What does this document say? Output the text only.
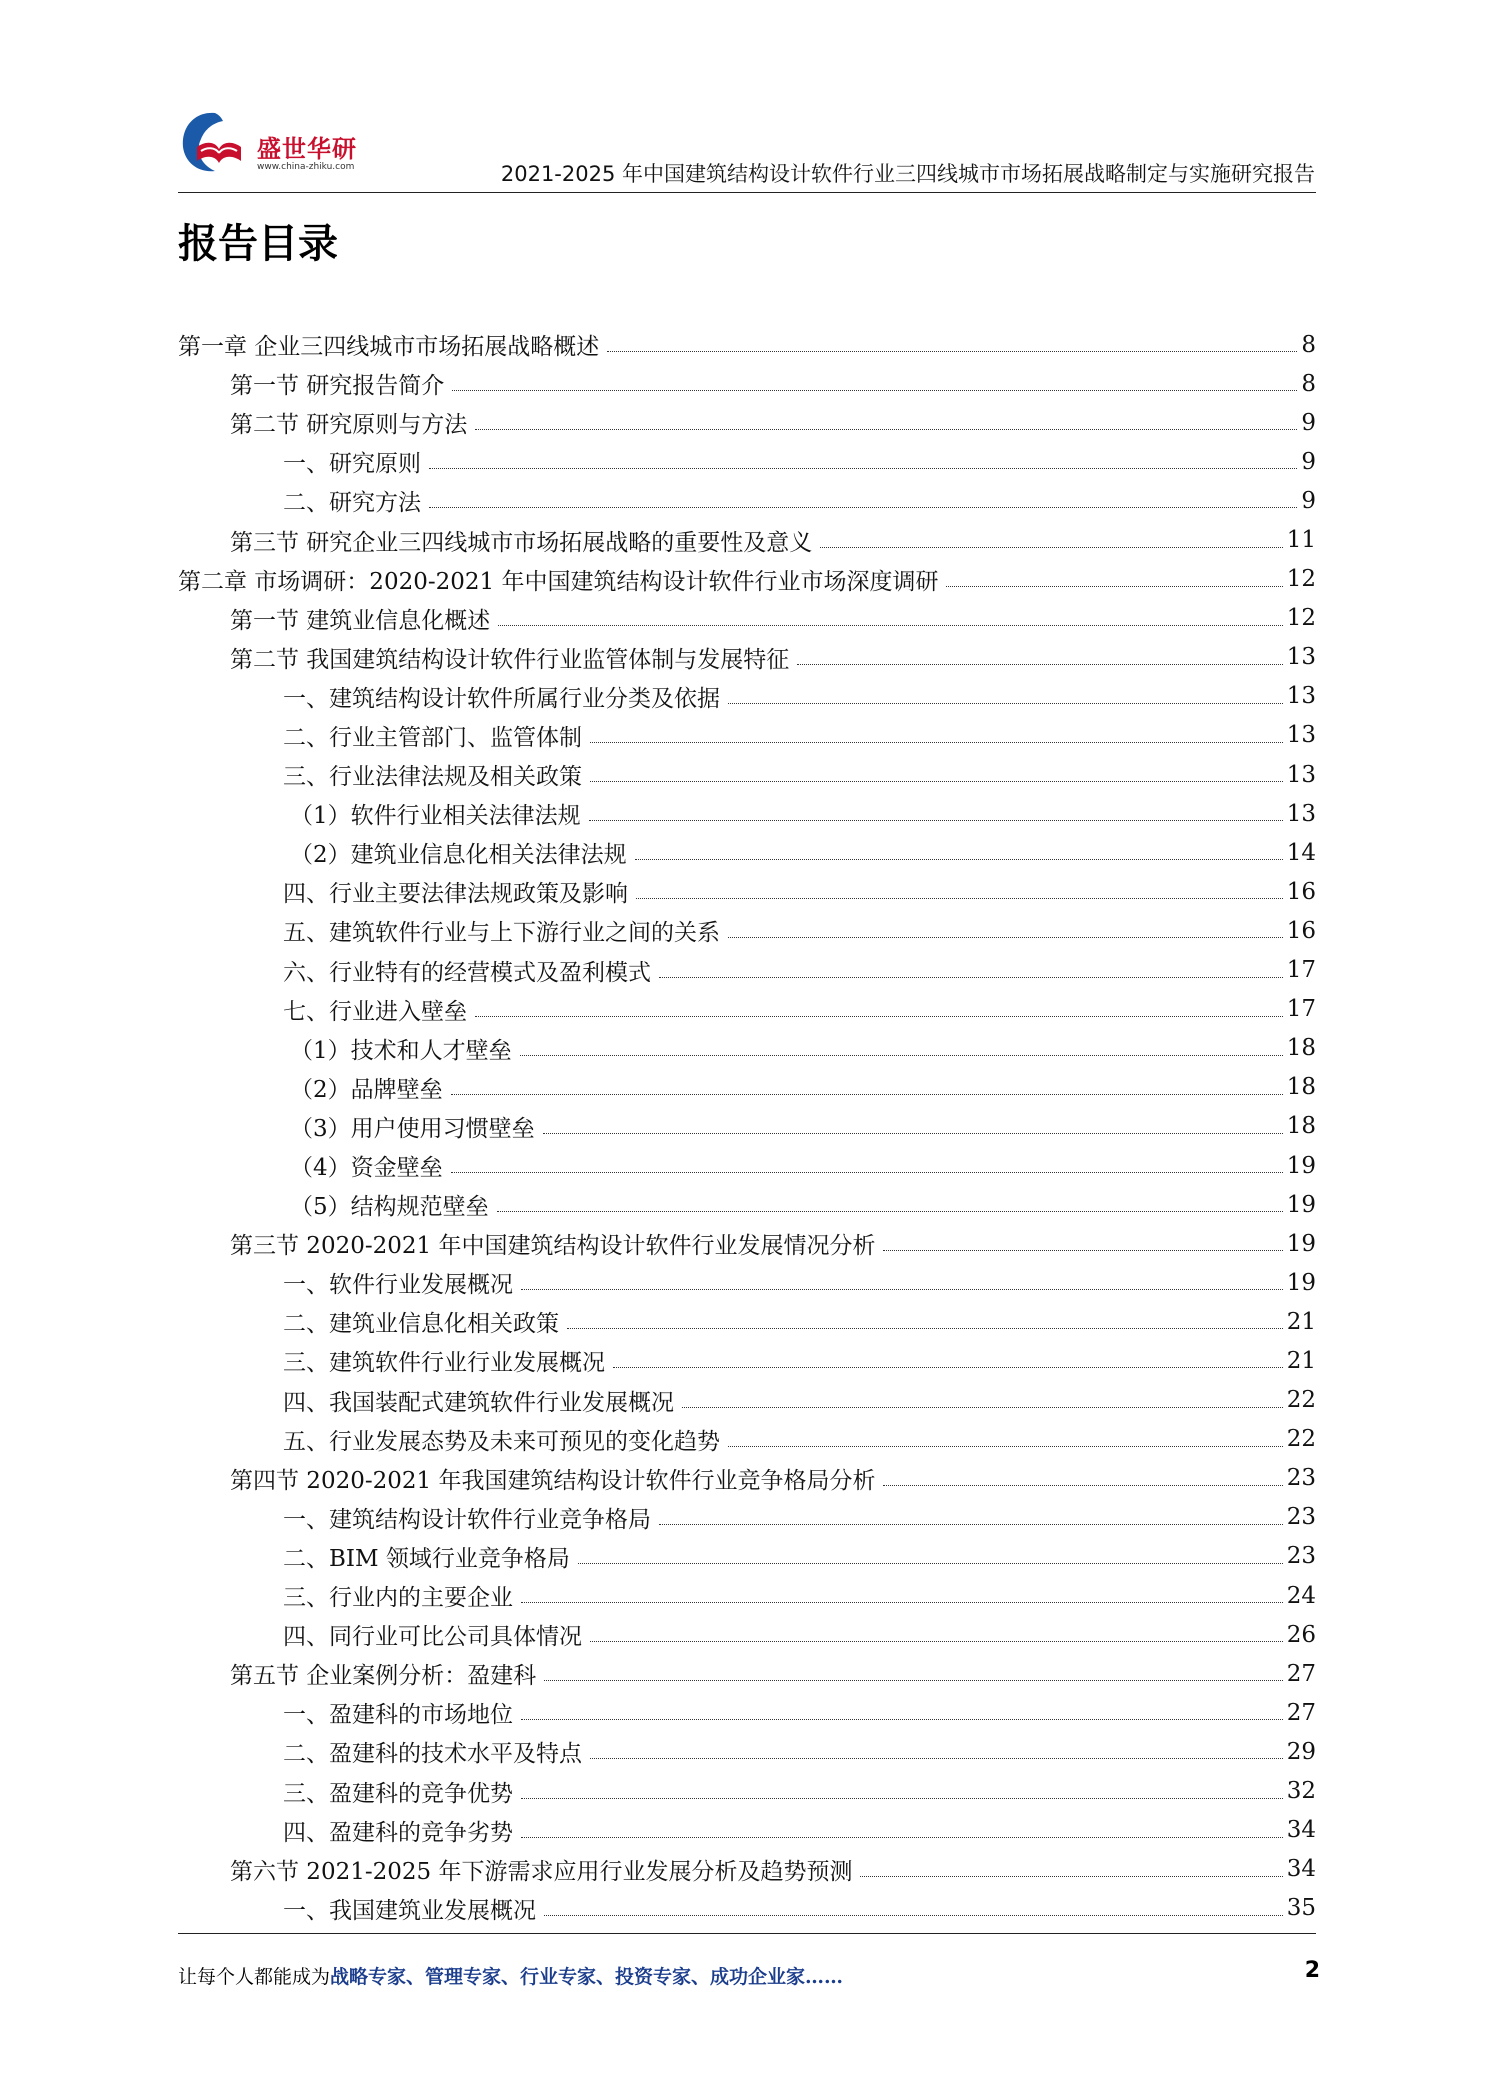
盛世华研
www.china-zhiku.com	2021-2025 年中国建筑结构设计软件行业三四线城市市场拓展战略制定与实施研究报告
报告目录
第一章 企业三四线城市市场拓展战略概述	8
第一节 研究报告简介	8
第二节 研究原则与方法	9
一、研究原则	9
二、研究方法	9
第三节 研究企业三四线城市市场拓展战略的重要性及意义	11
第二章 市场调研：2020-2021 年中国建筑结构设计软件行业市场深度调研	12
第一节 建筑业信息化概述	12
第二节 我国建筑结构设计软件行业监管体制与发展特征	13
一、建筑结构设计软件所属行业分类及依据	13
二、行业主管部门、监管体制	13
三、行业法律法规及相关政策	13
（1）软件行业相关法律法规	13
（2）建筑业信息化相关法律法规	14
四、行业主要法律法规政策及影响	16
五、建筑软件行业与上下游行业之间的关系	16
六、行业特有的经营模式及盈利模式	17
七、行业进入壁垒	17
（1）技术和人才壁垒	18
（2）品牌壁垒	18
（3）用户使用习惯壁垒	18
（4）资金壁垒	19
（5）结构规范壁垒	19
第三节 2020-2021 年中国建筑结构设计软件行业发展情况分析	19
一、软件行业发展概况	19
二、建筑业信息化相关政策	21
三、建筑软件行业行业发展概况	21
四、我国装配式建筑软件行业发展概况	22
五、行业发展态势及未来可预见的变化趋势	22
第四节 2020-2021 年我国建筑结构设计软件行业竞争格局分析	23
一、建筑结构设计软件行业竞争格局	23
二、BIM 领域行业竞争格局	23
三、行业内的主要企业	24
四、同行业可比公司具体情况	26
第五节 企业案例分析：盈建科	27
一、盈建科的市场地位	27
二、盈建科的技术水平及特点	29
三、盈建科的竞争优势	32
四、盈建科的竞争劣势	34
第六节 2021-2025 年下游需求应用行业发展分析及趋势预测	34
一、我国建筑业发展概况	35
让每个人都能成为战略专家、管理专家、行业专家、投资专家、成功企业家……	2
